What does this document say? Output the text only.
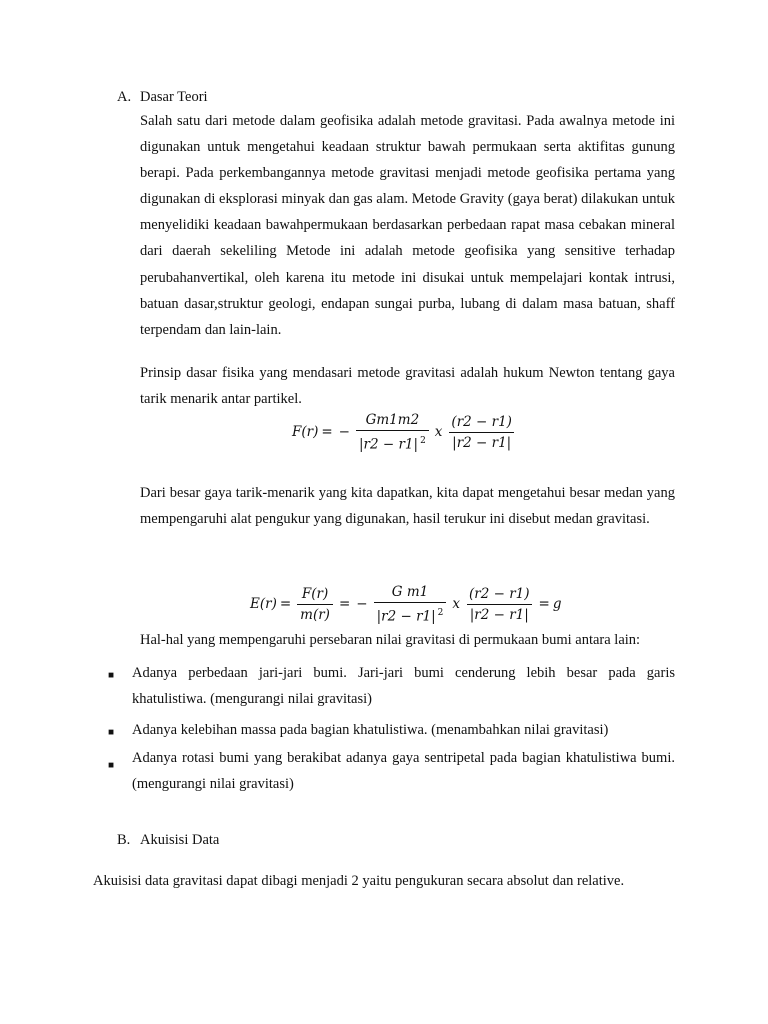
A. Dasar Teori

Salah satu dari metode dalam geofisika adalah metode gravitasi. Pada awalnya metode ini digunakan untuk mengetahui keadaan struktur bawah permukaan serta aktifitas gunung berapi. Pada perkembangannya metode gravitasi menjadi metode geofisika pertama yang digunakan di eksplorasi minyak dan gas alam. Metode Gravity (gaya berat) dilakukan untuk menyelidiki keadaan bawahpermukaan berdasarkan perbedaan rapat masa cebakan mineral dari daerah sekeliling Metode ini adalah metode geofisika yang sensitive terhadap perubahanvertikal, oleh karena itu metode ini disukai untuk mempelajari kontak intrusi, batuan dasar,struktur geologi, endapan sungai purba, lubang di dalam masa batuan, shaff terpendam dan lain-lain.

Prinsip dasar fisika yang mendasari metode gravitasi adalah hukum Newton tentang gaya tarik menarik antar partikel.

F(r) = − $\frac{Gm1m2}{|r2 - r1| ^2}$ x $\frac{(r2 - r1)}{|r2 - r1|}$

Dari besar gaya tarik-menarik yang kita dapatkan, kita dapat mengetahui besar medan yang mempengaruhi alat pengukur yang digunakan, hasil terukur ini disebut medan gravitasi.

$E(r) = \frac{F(r)}{m(r)}$ = − $\frac{\text{G m1}}{|r2 - r1| ^2}$ x $\frac{(r2 - r1)}{|r2 - r1|} = g$
Hal-hal yang mempengaruhi persebaran nilai gravitasi di permukaan bumi antara lain:
■ Adanya perbedaan jari-jari bumi. Jari-jari bumi cenderung lebih besar pada garis khatulistiwa. (mengurangi nilai gravitasi)

■ Adanya kelebihan massa pada bagian khatulistiwa. (menambahkan nilai gravitasi)

■ Adanya rotasi bumi yang berakibat adanya gaya sentripetal pada bagian khatulistiwa bumi. (mengurangi nilai gravitasi)

B. Akuisisi Data
Akuisisi data gravitasi dapat dibagi menjadi 2 yaitu pengukuran secara absolut dan relative.
